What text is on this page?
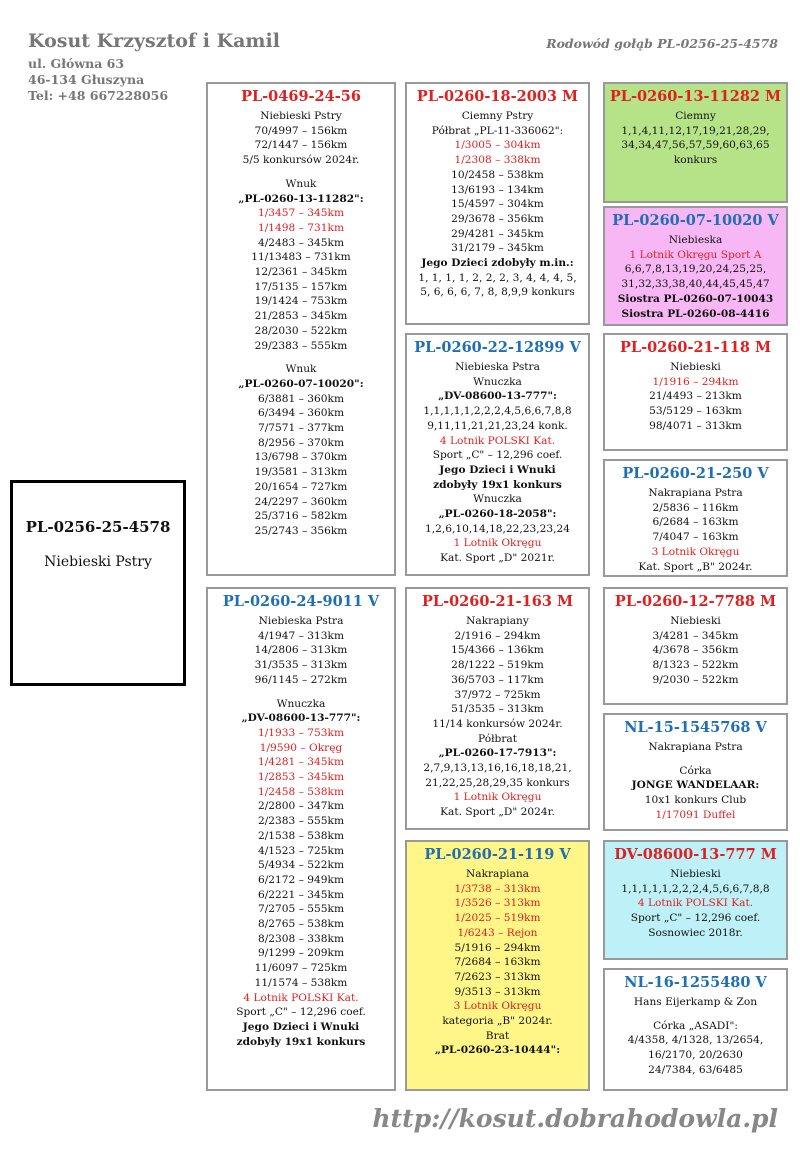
Kosut Krzysztof i Kamil
ul. Główna 63
46-134 Głuszyna
Tel: +48 667228056
Rodowód gołąb PL-0256-25-4578
PL-0256-25-4578
Niebieski Pstry
PL-0469-24-56
Niebieski Pstry
70/4997 – 156km
72/1447 – 156km
5/5 konkursów 2024r.
Wnuk
„PL-0260-13-11282":
1/3457 – 345km
1/1498 – 731km
4/2483 – 345km
11/13483 – 731km
12/2361 – 345km
17/5135 – 157km
19/1424 – 753km
21/2853 – 345km
28/2030 – 522km
29/2383 – 555km
Wnuk
„PL-0260-07-10020":
6/3881 – 360km
6/3494 – 360km
7/7571 – 377km
8/2956 – 370km
13/6798 – 370km
19/3581 – 313km
20/1654 – 727km
24/2297 – 360km
25/3716 – 582km
25/2743 – 356km
PL-0260-24-9011 V
Niebieska Pstra
4/1947 – 313km
14/2806 – 313km
31/3535 – 313km
96/1145 – 272km
Wnuczka
„DV-08600-13-777":
1/1933 – 753km
1/9590 – Okręg
1/4281 – 345km
1/2853 – 345km
1/2458 – 538km
2/2800 – 347km
2/2383 – 555km
2/1538 – 538km
4/1523 – 725km
5/4934 – 522km
6/2172 – 949km
6/2221 – 345km
7/2705 – 555km
8/2765 – 538km
8/2308 – 338km
9/1299 – 209km
11/6097 – 725km
11/1574 – 538km
4 Lotnik POLSKI Kat.
Sport „C" – 12,296 coef.
Jego Dzieci i Wnuki
zdobyły 19x1 konkurs
PL-0260-18-2003 M
Ciemny Pstry
Półbrat „PL-11-336062":
1/3005 – 304km
1/2308 – 338km
10/2458 – 538km
13/6193 – 134km
15/4597 – 304km
29/3678 – 356km
29/4281 – 345km
31/2179 – 345km
Jego Dzieci zdobyły m.in.:
1, 1, 1, 1, 2, 2, 2, 3, 4, 4, 4, 5,
5, 6, 6, 6, 7, 8, 8,9,9 konkurs
PL-0260-22-12899 V
Niebieska Pstra
Wnuczka
„DV-08600-13-777":
1,1,1,1,1,2,2,2,4,5,6,6,7,8,8
9,11,11,21,21,23,24 konk.
4 Lotnik POLSKI Kat.
Sport „C" – 12,296 coef.
Jego Dzieci i Wnuki
zdobyły 19x1 konkurs
Wnuczka
„PL-0260-18-2058":
1,2,6,10,14,18,22,23,23,24
1 Lotnik Okręgu
Kat. Sport „D" 2021r.
PL-0260-21-163 M
Nakrapiany
2/1916 – 294km
15/4366 – 136km
28/1222 – 519km
36/5703 – 117km
37/972 – 725km
51/3535 – 313km
11/14 konkursów 2024r.
Półbrat
„PL-0260-17-7913":
2,7,9,13,13,16,16,18,18,21,
21,22,25,28,29,35 konkurs
1 Lotnik Okręgu
Kat. Sport „D" 2024r.
PL-0260-21-119 V
Nakrapiana
1/3738 – 313km
1/3526 – 313km
1/2025 – 519km
1/6243 – Rejon
5/1916 – 294km
7/2684 – 163km
7/2623 – 313km
9/3513 – 313km
3 Lotnik Okręgu
kategoria „B" 2024r.
Brat
„PL-0260-23-10444":
PL-0260-13-11282 M
Ciemny
1,1,4,11,12,17,19,21,28,29,
34,34,47,56,57,59,60,63,65
konkurs
PL-0260-07-10020 V
Niebieska
1 Lotnik Okręgu Sport A
6,6,7,8,13,19,20,24,25,25,
31,32,33,38,40,44,45,45,47
Siostra PL-0260-07-10043
Siostra PL-0260-08-4416
PL-0260-21-118 M
Niebieski
1/1916 – 294km
21/4493 – 213km
53/5129 – 163km
98/4071 – 313km
PL-0260-21-250 V
Nakrapiana Pstra
2/5836 – 116km
6/2684 – 163km
7/4047 – 163km
3 Lotnik Okręgu
Kat. Sport „B" 2024r.
PL-0260-12-7788 M
Niebieski
3/4281 – 345km
4/3678 – 356km
8/1323 – 522km
9/2030 – 522km
NL-15-1545768 V
Nakrapiana Pstra
Córka
JONGE WANDELAAR:
10x1 konkurs Club
1/17091 Duffel
DV-08600-13-777 M
Niebieski
1,1,1,1,1,2,2,2,4,5,6,6,7,8,8
4 Lotnik POLSKI Kat.
Sport „C" – 12,296 coef.
Sosnowiec 2018r.
NL-16-1255480 V
Hans Eijerkamp & Zon
Córka „ASADI":
4/4358, 4/1328, 13/2654,
16/2170, 20/2630
24/7384, 63/6485
http://kosut.dobrahodowla.pl
